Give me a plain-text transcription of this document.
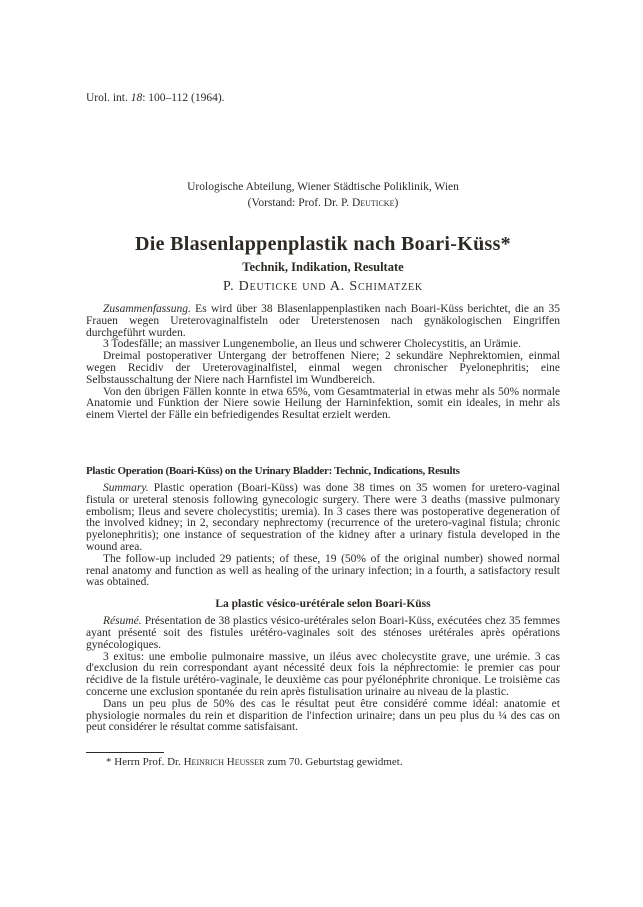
Urol. int. 18: 100–112 (1964).
Urologische Abteilung, Wiener Städtische Poliklinik, Wien
(Vorstand: Prof. Dr. P. Deuticke)
Die Blasenlappenplastik nach Boari-Küss*
Technik, Indikation, Resultate
P. Deuticke und A. Schimatzek

Zusammenfassung. Es wird über 38 Blasenlappenplastiken nach Boari-Küss berichtet, die an 35 Frauen wegen Ureterovaginalfisteln oder Ureterstenosen nach gynäkologischen Eingriffen durchgeführt wurden.

3 Todesfälle; an massiver Lungenembolie, an Ileus und schwerer Cholecystitis, an Urämie.

Dreimal postoperativer Untergang der betroffenen Niere; 2 sekundäre Nephrektomien, einmal wegen Recidiv der Ureterovaginalfistel, einmal wegen chronischer Pyelonephritis; eine Selbstausschaltung der Niere nach Harnfistel im Wundbereich.

Von den übrigen Fällen konnte in etwa 65%, vom Gesamtmaterial in etwas mehr als 50% normale Anatomie und Funktion der Niere sowie Heilung der Harninfektion, somit ein ideales, in mehr als einem Viertel der Fälle ein befriedigendes Resultat erzielt werden.

Plastic Operation (Boari-Küss) on the Urinary Bladder: Technic, Indications, Results

Summary. Plastic operation (Boari-Küss) was done 38 times on 35 women for uretero-vaginal fistula or ureteral stenosis following gynecologic surgery. There were 3 deaths (massive pulmonary embolism; Ileus and severe cholecystitis; uremia). In 3 cases there was postoperative degeneration of the involved kidney; in 2, secondary nephrectomy (recurrence of the uretero-vaginal fistula; chronic pyelonephritis); one instance of sequestration of the kidney after a urinary fistula developed in the wound area.

The follow-up included 29 patients; of these, 19 (50% of the original number) showed normal renal anatomy and function as well as healing of the urinary infection; in a fourth, a satisfactory result was obtained.

La plastic vésico-urétérale selon Boari-Küss

Résumé. Présentation de 38 plastics vésico-urétérales selon Boari-Küss, exécutées chez 35 femmes ayant présenté soit des fistules urétéro-vaginales soit des sténoses urétérales après opérations gynécologiques.

3 exitus: une embolie pulmonaire massive, un iléus avec cholecystite grave, une urémie. 3 cas d'exclusion du rein correspondant ayant nécessité deux fois la néphrectomie: le premier cas pour récidive de la fistule urétéro-vaginale, le deuxième cas pour pyélonéphrite chronique. Le troisième cas concerne une exclusion spontanée du rein après fistulisation urinaire au niveau de la plastic.

Dans un peu plus de 50% des cas le résultat peut être considéré comme idéal: anatomie et physiologie normales du rein et disparition de l'infection urinaire; dans un peu plus du ¼ des cas on peut considérer le résultat comme satisfaisant.

* Herrn Prof. Dr. Heinrich Heusser zum 70. Geburtstag gewidmet.
